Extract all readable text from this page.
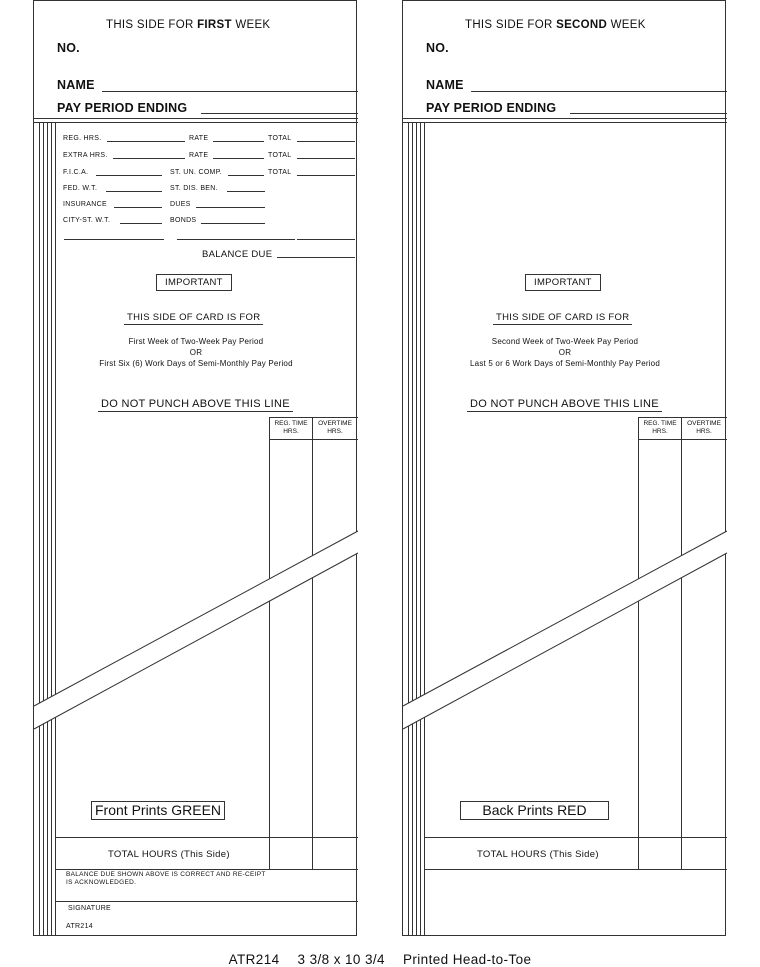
THIS SIDE FOR FIRST WEEK
NO.
NAME
PAY PERIOD ENDING
REG. HRS.	RATE	TOTAL
EXTRA HRS.	RATE	TOTAL
F.I.C.A.	ST. UN. COMP.	TOTAL
FED. W.T.	ST. DIS. BEN.
INSURANCE	DUES
CITY-ST. W.T.	BONDS
BALANCE DUE
IMPORTANT
THIS SIDE OF CARD IS FOR
First Week of Two-Week Pay Period
OR
First Six (6) Work Days of Semi-Monthly Pay Period
DO NOT PUNCH ABOVE THIS LINE
REG. TIME HRS.
OVERTIME HRS.
Front Prints GREEN
TOTAL HOURS (This Side)
BALANCE DUE SHOWN ABOVE IS CORRECT AND RE-CEIPT IS ACKNOWLEDGED.
SIGNATURE
ATR214
THIS SIDE FOR SECOND WEEK
NO.
NAME
PAY PERIOD ENDING
IMPORTANT
THIS SIDE OF CARD IS FOR
Second Week of Two-Week Pay Period
OR
Last 5 or 6 Work Days of Semi-Monthly Pay Period
DO NOT PUNCH ABOVE THIS LINE
REG. TIME HRS.
OVERTIME HRS.
Back Prints RED
TOTAL HOURS (This Side)
ATR214 3 3/8 x 10 3/4 Printed Head-to-Toe
